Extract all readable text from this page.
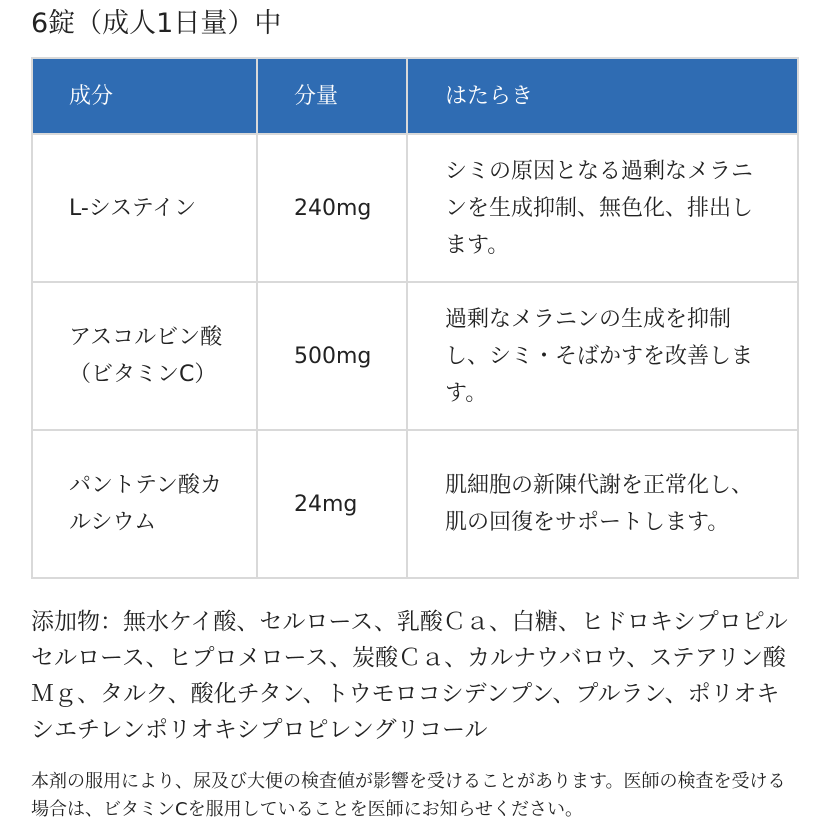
6錠（成人1日量）中
成分	分量	はたらき

L-システイン	240mg	シミの原因となる過剰なメラニンを生成抑制、無色化、排出します。

アスコルビン酸（ビタミンC）	500mg	過剰なメラニンの生成を抑制し、シミ・そばかすを改善します。

パントテン酸カルシウム	24mg	肌細胞の新陳代謝を正常化し、肌の回復をサポートします。
添加物：無水ケイ酸、セルロース、乳酸Ｃａ、白糖、ヒドロキシプロピルセルロース、ヒプロメロース、炭酸Ｃａ、カルナウバロウ、ステアリン酸Ｍｇ、タルク、酸化チタン、トウモロコシデンプン、プルラン、ポリオキシエチレンポリオキシプロピレングリコール
本剤の服用により、尿及び大便の検査値が影響を受けることがあります。医師の検査を受ける場合は、ビタミンCを服用していることを医師にお知らせください。
